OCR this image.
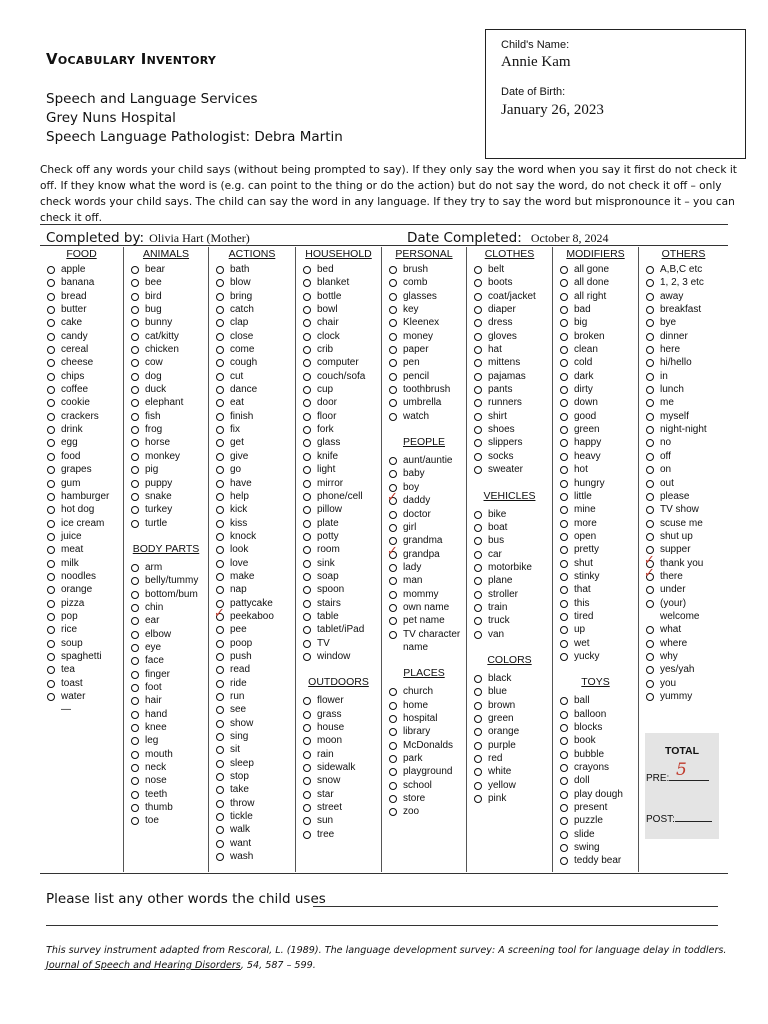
Vocabulary Inventory
Speech and Language Services
Grey Nuns Hospital
Speech Language Pathologist: Debra Martin
Child's Name:
Annie Kam
Date of Birth:
January 26, 2023
Check off any words your child says (without being prompted to say). If they only say the word when you say it first do not check it off. If they know what the word is (e.g. can point to the thing or do the action) but do not say the word, do not check it off – only check words your child says. The child can say the word in any language. If they try to say the word but mispronounce it – you can check it off.
Completed by: Olivia Hart (Mother)	Date Completed: October 8, 2024
FOOD
apple
banana
bread
butter
cake
candy
cereal
cheese
chips
coffee
cookie
crackers
drink
egg
food
grapes
gum
hamburger
hot dog
ice cream
juice
meat
milk
noodles
orange
pizza
pop
rice
soup
spaghetti
tea
toast
water
—
ANIMALS
bear
bee
bird
bug
bunny
cat/kitty
chicken
cow
dog
duck
elephant
fish
frog
horse
monkey
pig
puppy
snake
turkey
turtle
BODY PARTS
arm
belly/tummy
bottom/bum
chin
ear
elbow
eye
face
finger
foot
hair
hand
knee
leg
mouth
neck
nose
teeth
thumb
toe
ACTIONS
bath
blow
bring
catch
clap
close
come
cough
cut
dance
eat
finish
fix
get
give
go
have
help
kick
kiss
knock
look
love
make
nap
pattycake
✓ peekaboo
pee
poop
push
read
ride
run
see
show
sing
sit
sleep
stop
take
throw
tickle
walk
want
wash
HOUSEHOLD
bed
blanket
bottle
bowl
chair
clock
crib
computer
couch/sofa
cup
door
floor
fork
glass
knife
light
mirror
phone/cell
pillow
plate
potty
room
sink
soap
spoon
stairs
table
tablet/iPad
TV
window
OUTDOORS
flower
grass
house
moon
rain
sidewalk
snow
star
street
sun
tree
PERSONAL
brush
comb
glasses
key
Kleenex
money
paper
pen
pencil
toothbrush
umbrella
watch
PEOPLE
aunt/auntie
baby
boy
✓ daddy
doctor
girl
grandma
✓ grandpa
lady
man
mommy
own name
pet name
TV character name
PLACES
church
home
hospital
library
McDonalds
park
playground
school
store
zoo
CLOTHES
belt
boots
coat/jacket
diaper
dress
gloves
hat
mittens
pajamas
pants
runners
shirt
shoes
slippers
socks
sweater
VEHICLES
bike
boat
bus
car
motorbike
plane
stroller
train
truck
van
COLORS
black
blue
brown
green
orange
purple
red
white
yellow
pink
MODIFIERS
all gone
all done
all right
bad
big
broken
clean
cold
dark
dirty
down
good
green
happy
heavy
hot
hungry
little
mine
more
open
pretty
shut
stinky
that
this
tired
up
wet
yucky
TOYS
ball
balloon
blocks
book
bubble
crayons
doll
play dough
present
puzzle
slide
swing
teddy bear
OTHERS
A,B,C etc
1, 2, 3 etc
away
breakfast
bye
dinner
here
hi/hello
in
lunch
me
myself
night-night
no
off
on
out
please
TV show
scuse me
shut up
supper
✓ thank you
✓ there
under
(your) welcome
what
where
why
yes/yah
you
yummy
TOTAL
PRE: 5
POST:
Please list any other words the child uses
This survey instrument adapted from Rescoral, L. (1989). The language development survey: A screening tool for language delay in toddlers.
Journal of Speech and Hearing Disorders, 54, 587 – 599.
